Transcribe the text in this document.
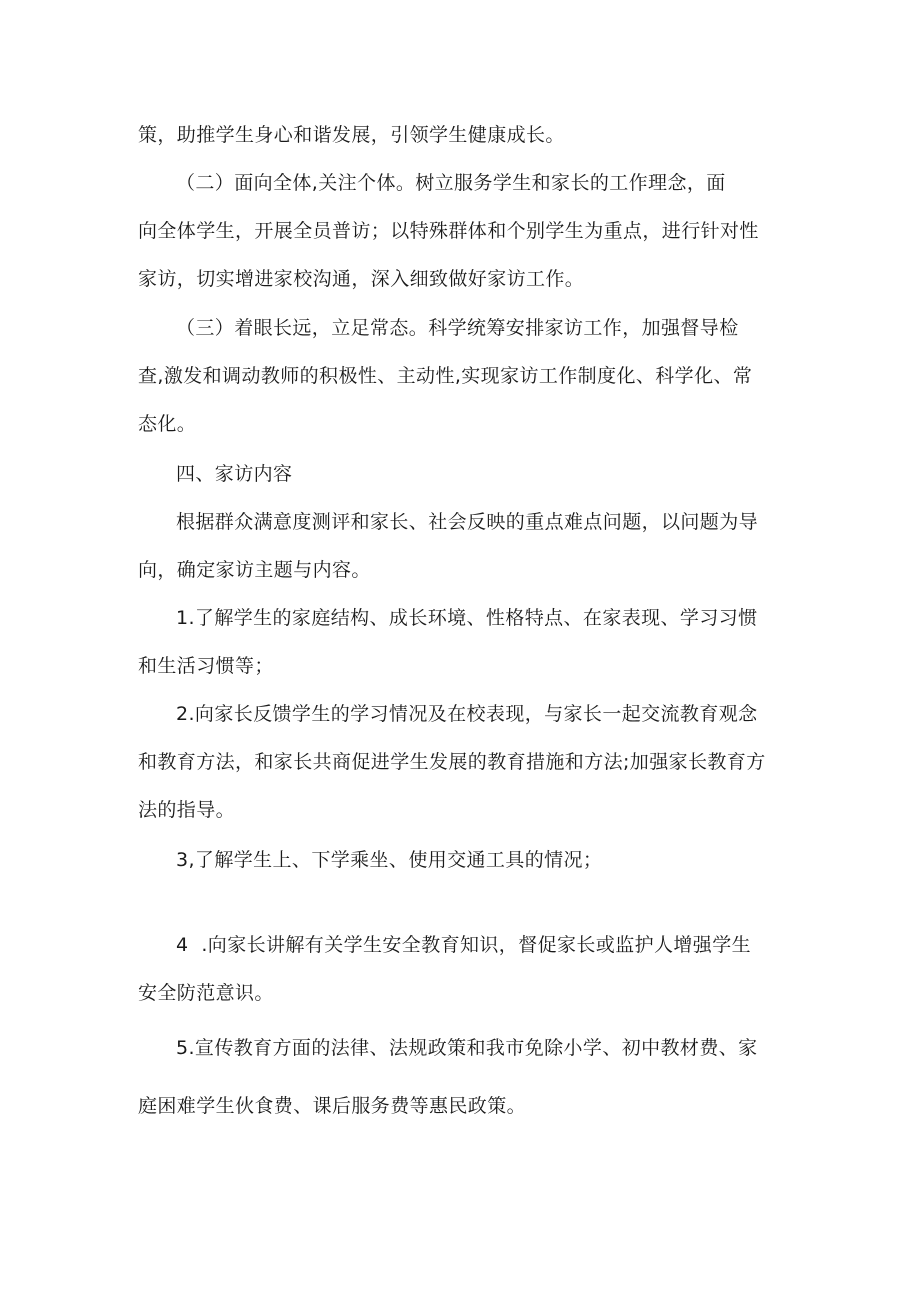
策，助推学生身心和谐发展，引领学生健康成长。

（二）面向全体,关注个体。树立服务学生和家长的工作理念，面
向全体学生，开展全员普访；以特殊群体和个别学生为重点，进行针对性
家访，切实增进家校沟通，深入细致做好家访工作。

（三）着眼长远，立足常态。科学统筹安排家访工作，加强督导检
查,激发和调动教师的积极性、主动性,实现家访工作制度化、科学化、常
态化。

四、家访内容

根据群众满意度测评和家长、社会反映的重点难点问题，以问题为导
向，确定家访主题与内容。

1.了解学生的家庭结构、成长环境、性格特点、在家表现、学习习惯
和生活习惯等；

2.向家长反馈学生的学习情况及在校表现，与家长一起交流教育观念
和教育方法，和家长共商促进学生发展的教育措施和方法;加强家长教育方
法的指导。

3,了解学生上、下学乘坐、使用交通工具的情况；

4  .向家长讲解有关学生安全教育知识，督促家长或监护人增强学生
安全防范意识。

5.宣传教育方面的法律、法规政策和我市免除小学、初中教材费、家
庭困难学生伙食费、课后服务费等惠民政策。
